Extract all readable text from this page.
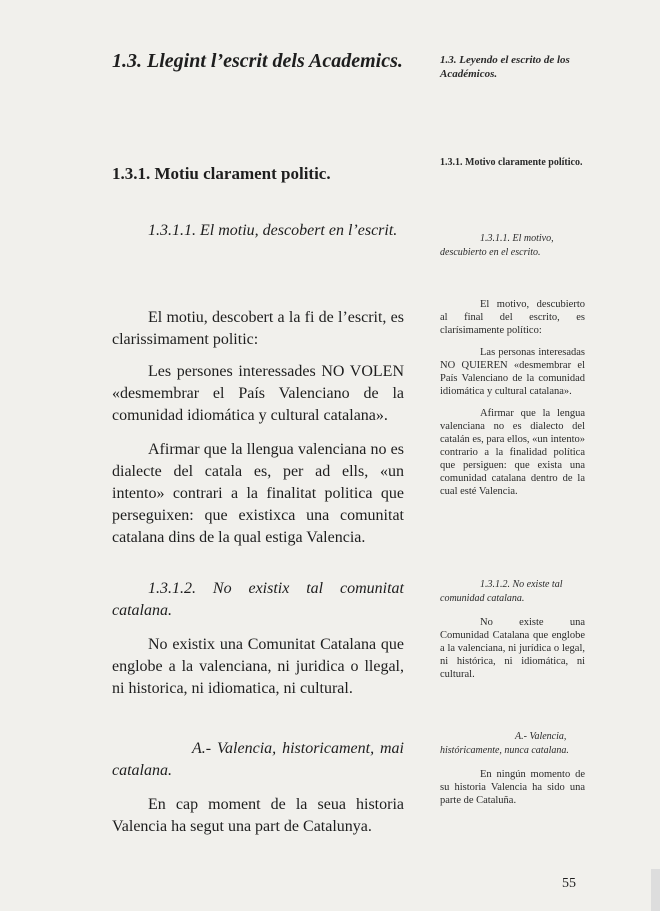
1.3. Llegint l’escrit dels Academics.

1.3.1. Motiu clarament politic.

1.3.1.1. El motiu, descobert en l’escrit.

El motiu, descobert a la fi de l’escrit, es clarissimament politic:

Les persones interessades NO VOLEN «desmembrar el País Valenciano de la comunidad idiomática y cultural catalana».

Afirmar que la llengua valenciana no es dialecte del catala es, per ad ells, «un intento» contrari a la finalitat politica que perseguixen: que existixca una comunitat catalana dins de la qual estiga Valencia.

1.3.1.2. No existix tal comunitat catalana.

No existix una Comunitat Catalana que englobe a la valenciana, ni juridica o llegal, ni historica, ni idiomatica, ni cultural.

A.- Valencia, historicament, mai catalana.

En cap moment de la seua historia Valencia ha segut una part de Catalunya.

1.3. Leyendo el escrito de los Académicos.

1.3.1. Motivo claramente político.

1.3.1.1. El motivo, descubierto en el escrito.

El motivo, descubierto al final del escrito, es clarísimamente político:

Las personas interesadas NO QUIEREN «desmembrar el País Valenciano de la comunidad idiomática y cultural catalana».

Afirmar que la lengua valenciana no es dialecto del catalán es, para ellos, «un intento» contrario a la finalidad política que persiguen: que exista una comunidad catalana dentro de la cual esté Valencia.

1.3.1.2. No existe tal comunidad catalana.

No existe una Comunidad Catalana que englobe a la valenciana, ni jurídica o legal, ni histórica, ni idiomática, ni cultural.

A.- Valencia, históricamente, nunca catalana.

En ningún momento de su historia Valencia ha sido una parte de Cataluña.

55
